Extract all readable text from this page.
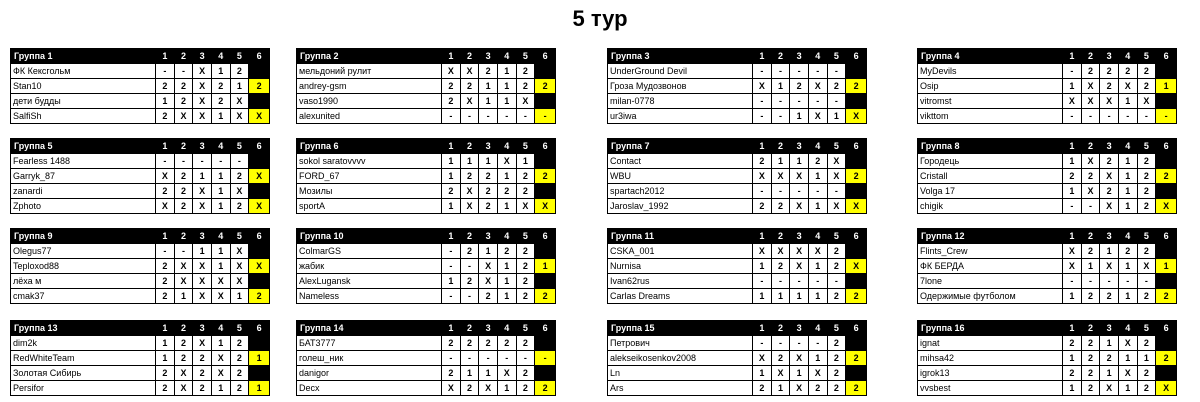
5 тур
Группа 1	1	2	3	4	5	6
ФК Кексгольм	-	-	X	1	2	
Stan10	2	2	X	2	1	2
дети будды	1	2	X	2	X	
SalfiSh	2	X	X	1	X	X
Группа 2	1	2	3	4	5	6
мельдоний рулит	X	X	2	1	2	
andrey-gsm	2	2	1	1	2	2
vaso1990	2	X	1	1	X	
alexunited	-	-	-	-	-	-
Группа 3	1	2	3	4	5	6
UnderGround Devil	-	-	-	-	-	
Гроза Мудозвонов	X	1	2	X	2	2
milan-0778	-	-	-	-	-	
ur3iwa	-	-	1	X	1	X
Группа 4	1	2	3	4	5	6
MyDevils	-	2	2	2	2	
Osip	1	X	2	X	2	1
vitromst	X	X	X	1	X	
vikttom	-	-	-	-	-	-
Группа 5	1	2	3	4	5	6
Fearless 1488	-	-	-	-	-	
Garryk_87	X	2	1	1	2	X
zanardi	2	2	X	1	X	
Zphoto	X	2	X	1	2	X
Группа 6	1	2	3	4	5	6
sokol saratovvvv	1	1	1	X	1	
FORD_67	1	2	2	1	2	2
Мозилы	2	X	2	2	2	
sportA	1	X	2	1	X	X
Группа 7	1	2	3	4	5	6
Contact	2	1	1	2	X	
WBU	X	X	X	1	X	2
spartach2012	-	-	-	-	-	
Jaroslav_1992	2	2	X	1	X	X
Группа 8	1	2	3	4	5	6
Городець	1	X	2	1	2	
Cristall	2	2	X	1	2	2
Volga 17	1	X	2	1	2	
chigik	-	-	X	1	2	X
Группа 9	1	2	3	4	5	6
Olegus77	-	-	1	1	X	
Teploxod88	2	X	X	1	X	X
лёха м	2	X	X	X	X	
cmak37	2	1	X	X	1	2
Группа 10	1	2	3	4	5	6
ColmarGS	-	2	1	2	2	
жабик	-	-	X	1	2	1
AlexLugansk	1	2	X	1	2	
Nameless	-	-	2	1	2	2
Группа 11	1	2	3	4	5	6
CSKA_001	X	X	X	X	2	
Nurnisa	1	2	X	1	2	X
Ivan62rus	-	-	-	-	-	
Carlas Dreams	1	1	1	1	2	2
Группа 12	1	2	3	4	5	6
Flints_Crew	X	2	1	2	2	
ФК БЕРДА	X	1	X	1	X	1
7lone	-	-	-	-	-	
Одержимые футболом	1	2	2	1	2	2
Группа 13	1	2	3	4	5	6
dim2k	1	2	X	1	2	
RedWhiteTeam	1	2	2	X	2	1
Золотая Сибирь	2	X	2	X	2	
Persifor	2	X	2	1	2	1
Группа 14	1	2	3	4	5	6
БАТ3777	2	2	2	2	2	
голеш_ник	-	-	-	-	-	-
danigor	2	1	1	X	2	
Decx	X	2	X	1	2	2
Группа 15	1	2	3	4	5	6
Петрович	-	-	-	-	2	
alekseikosenkov2008	X	2	X	1	2	2
Ln	1	X	1	X	2	
Ars	2	1	X	2	2	2
Группа 16	1	2	3	4	5	6
ignat	2	2	1	X	2	
mihsa42	1	2	2	1	1	2
igrok13	2	2	1	X	2	
vvsbest	1	2	X	1	2	X
